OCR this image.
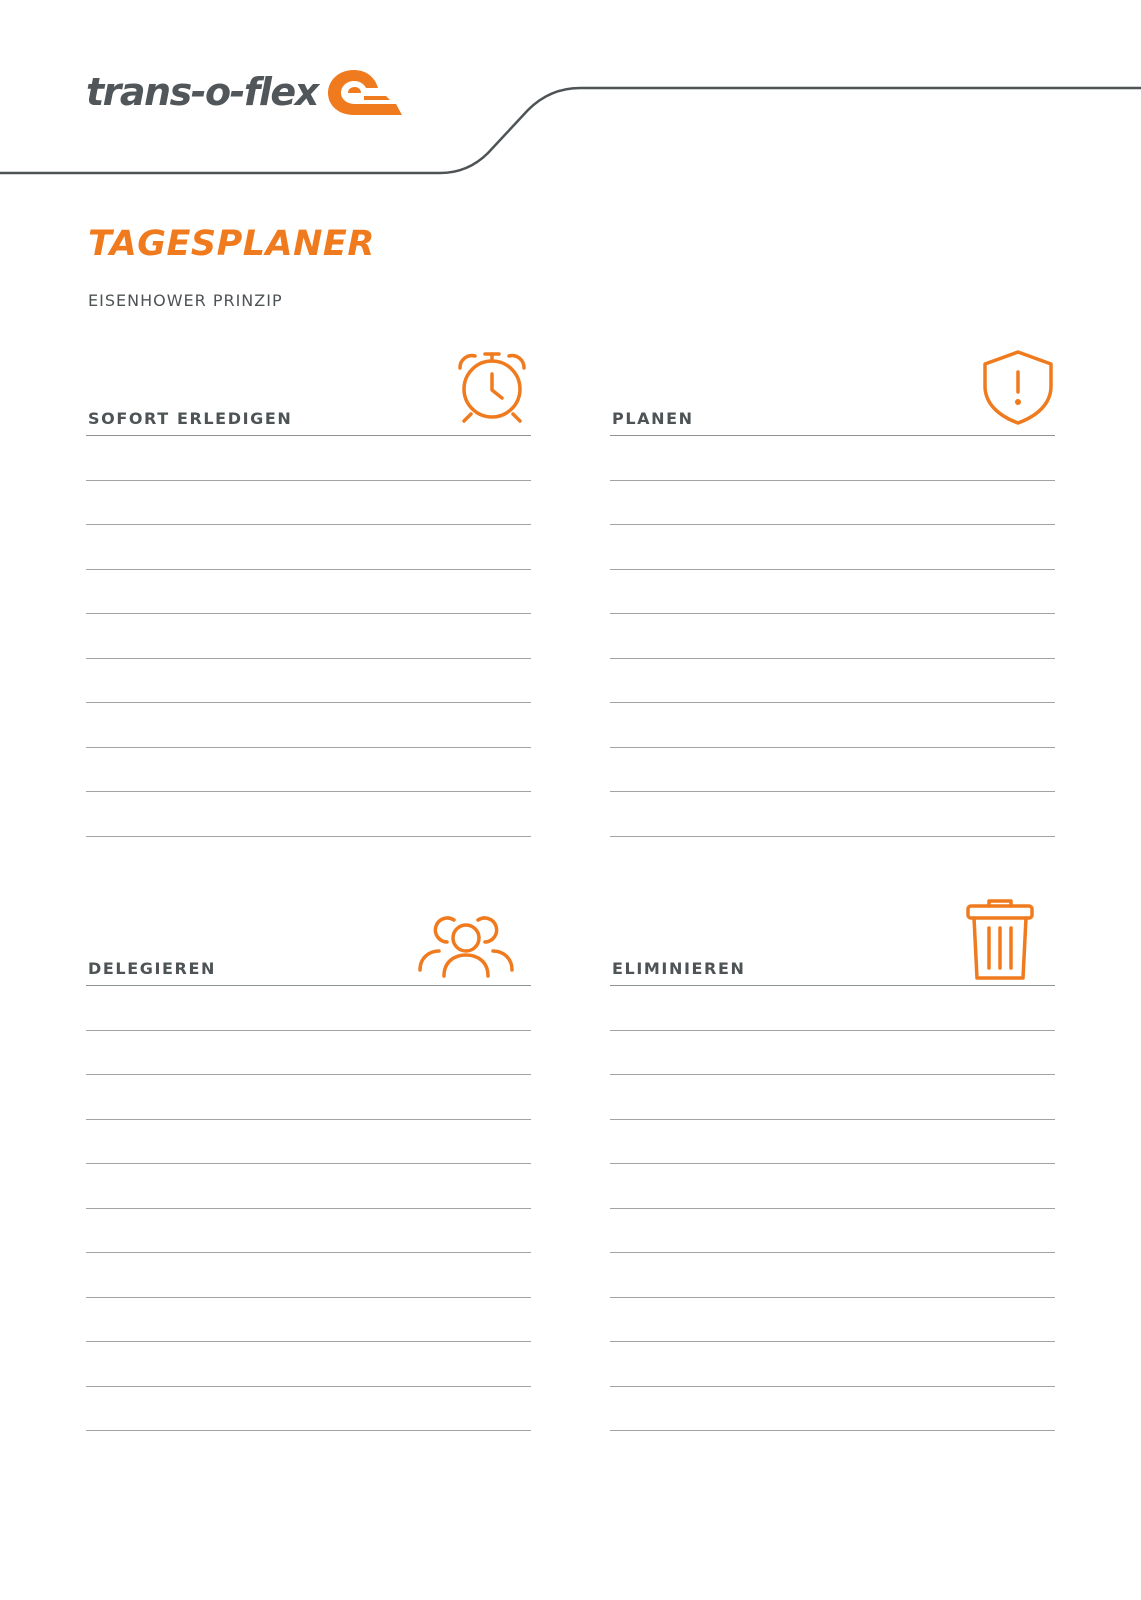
trans-o-flex
TAGESPLANER
EISENHOWER PRINZIP
SOFORT ERLEDIGEN	PLANEN
DELEGIEREN	ELIMINIEREN
